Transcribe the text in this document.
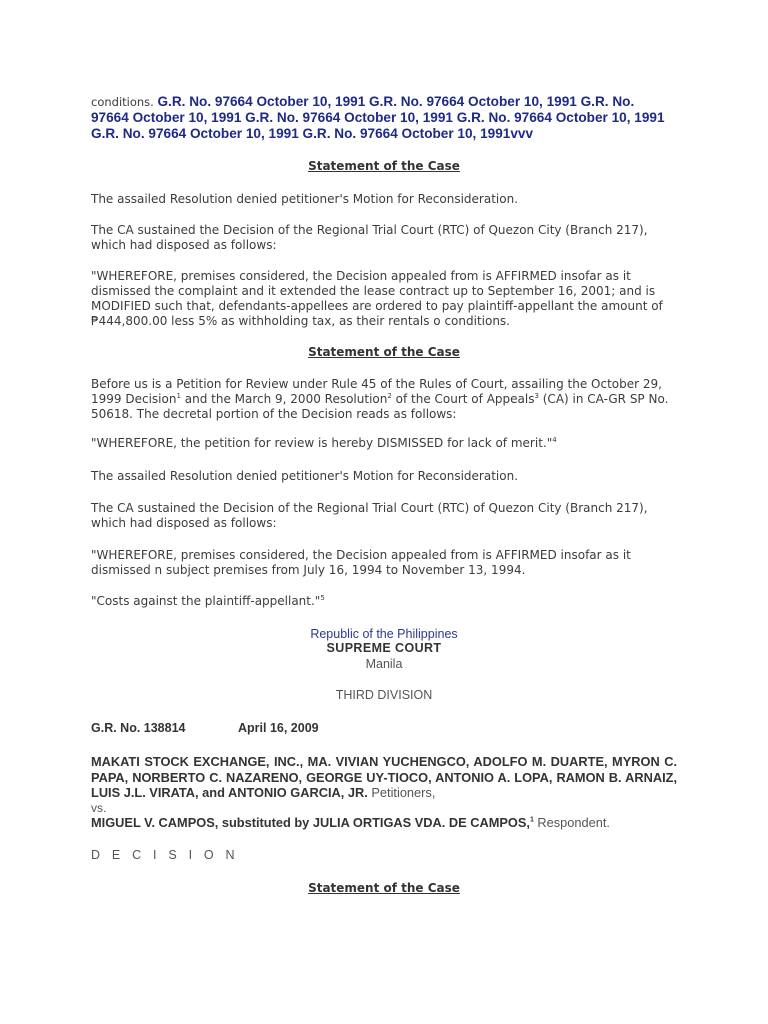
conditions. G.R. No. 97664 October 10, 1991 G.R. No. 97664 October 10, 1991 G.R. No. 97664 October 10, 1991 G.R. No. 97664 October 10, 1991 G.R. No. 97664 October 10, 1991 G.R. No. 97664 October 10, 1991 G.R. No. 97664 October 10, 1991vvv

Statement of the Case

The assailed Resolution denied petitioner's Motion for Reconsideration.

The CA sustained the Decision of the Regional Trial Court (RTC) of Quezon City (Branch 217), which had disposed as follows:

"WHEREFORE, premises considered, the Decision appealed from is AFFIRMED insofar as it dismissed the complaint and it extended the lease contract up to September 16, 2001; and is MODIFIED such that, defendants-appellees are ordered to pay plaintiff-appellant the amount of ₱444,800.00 less 5% as withholding tax, as their rentals o conditions.

Statement of the Case

Before us is a Petition for Review under Rule 45 of the Rules of Court, assailing the October 29, 1999 Decision$^1$ and the March 9, 2000 Resolution$^2$ of the Court of Appeals$^3$ (CA) in CA-GR SP No. 50618. The decretal portion of the Decision reads as follows:

"WHEREFORE, the petition for review is hereby DISMISSED for lack of merit."$^4$

The assailed Resolution denied petitioner's Motion for Reconsideration.

The CA sustained the Decision of the Regional Trial Court (RTC) of Quezon City (Branch 217), which had disposed as follows:

"WHEREFORE, premises considered, the Decision appealed from is AFFIRMED insofar as it dismissed n subject premises from July 16, 1994 to November 13, 1994.

"Costs against the plaintiff-appellant."$^5$

Republic of the Philippines

SUPREME COURT

Manila

THIRD DIVISION

G.R. No. 138814	April 16, 2009

MAKATI STOCK EXCHANGE, INC., MA. VIVIAN YUCHENGCO, ADOLFO M. DUARTE, MYRON C. PAPA, NORBERTO C. NAZARENO, GEORGE UY-TIOCO, ANTONIO A. LOPA, RAMON B. ARNAIZ, LUIS J.L. VIRATA, and ANTONIO GARCIA, JR. Petitioners,

vs.

MIGUEL V. CAMPOS, substituted by JULIA ORTIGAS VDA. DE CAMPOS,$^1$ Respondent.

D E C I S I O N

Statement of the Case
